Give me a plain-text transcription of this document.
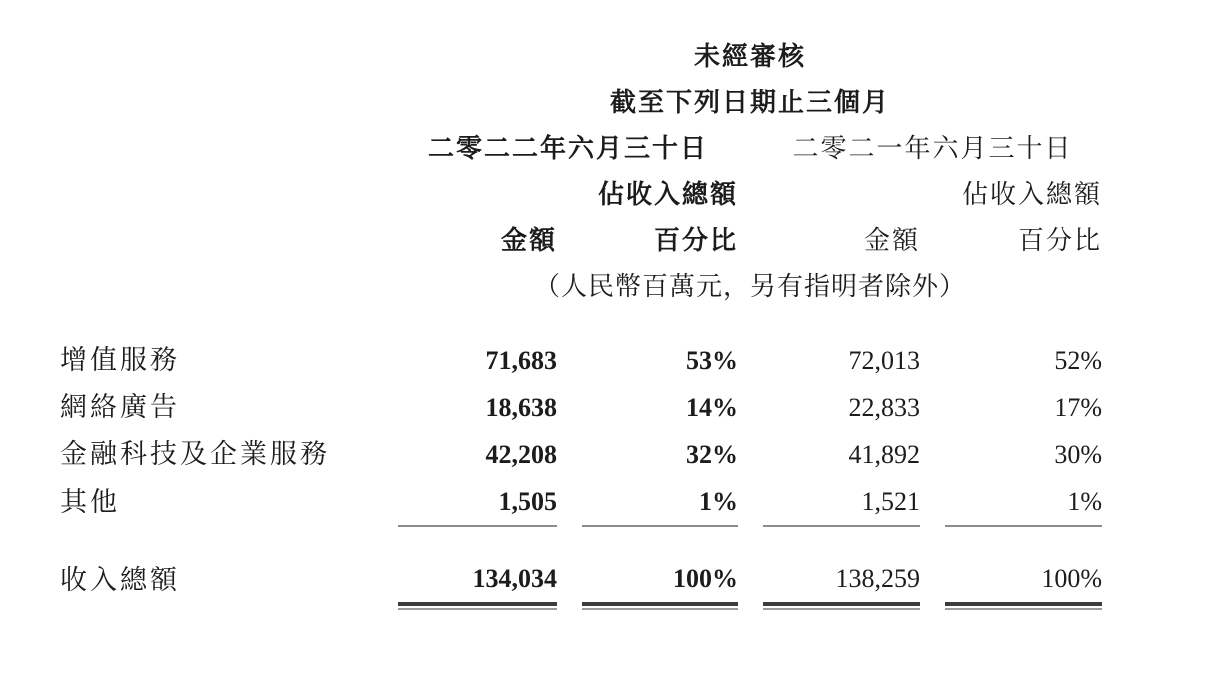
	未經審核			
	截至下列日期止三個月			
	二零二二年六月三十日		二零二一年六月三十日	
	佔收入總額		佔收入總額	
	金額	百分比	金額	百分比
	（人民幣百萬元，另有指明者除外）			

增值服務	71,683	53%	72,013	52%
網絡廣告	18,638	14%	22,833	17%
金融科技及企業服務	42,208	32%	41,892	30%
其他	1,505	1%	1,521	1%

收入總額	134,034	100%	138,259	100%
